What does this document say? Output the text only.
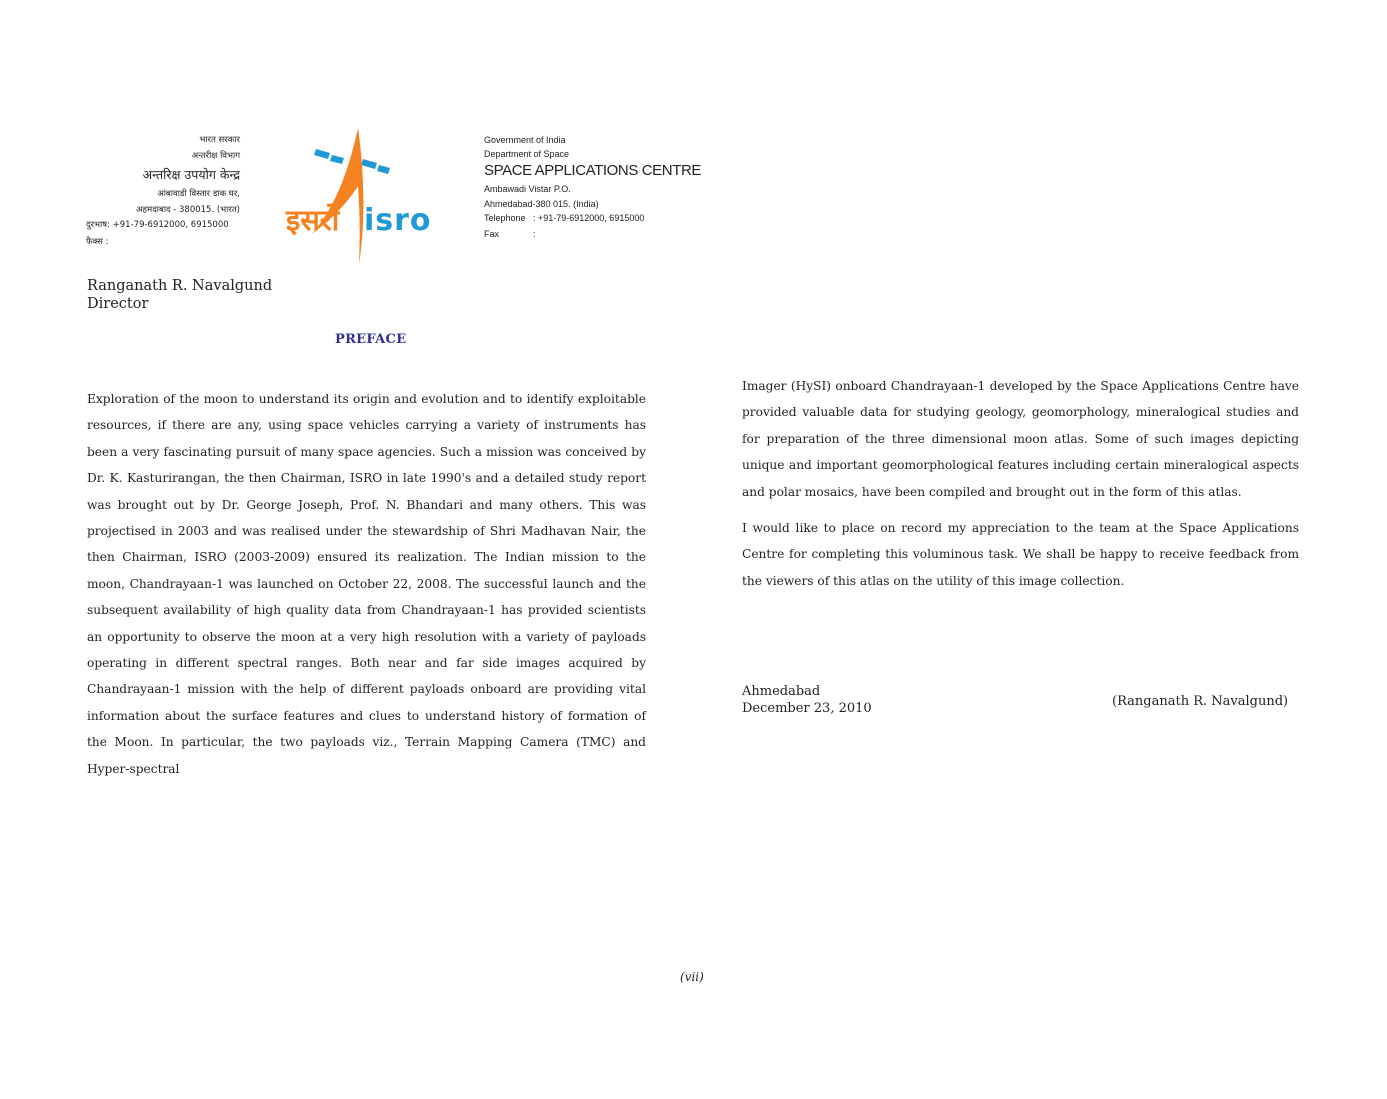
भारत सरकार
अन्तरीक्ष विभाग
अन्तरिक्ष उपयोग केन्द्र
आंबावाडी विस्तार डाक घर,
अहमदाबाद - 380015. (भारत)
दुरभाष: +91-79-6912000, 6915000
फैक्स :
इसरो isro
Government of India
Department of Space
SPACE APPLICATIONS CENTRE
Ambawadi Vistar P.O.
Ahmedabad-380 015. (India)
Telephone : +91-79-6912000, 6915000
Fax	:
Ranganath R. Navalgund
Director
PREFACE

Exploration of the moon to understand its origin and evolution and to identify exploitable resources, if there are any, using space vehicles carrying a variety of instruments has been a very fascinating pursuit of many space agencies. Such a mission was conceived by Dr. K. Kasturirangan, the then Chairman, ISRO in late 1990's and a detailed study report was brought out by Dr. George Joseph, Prof. N. Bhandari and many others. This was projectised in 2003 and was realised under the stewardship of Shri Madhavan Nair, the then Chairman, ISRO (2003-2009) ensured its realization. The Indian mission to the moon, Chandrayaan-1 was launched on October 22, 2008. The successful launch and the subsequent availability of high quality data from Chandrayaan-1 has provided scientists an opportunity to observe the moon at a very high resolution with a variety of payloads operating in different spectral ranges. Both near and far side images acquired by Chandrayaan-1 mission with the help of different payloads onboard are providing vital information about the surface features and clues to understand history of formation of the Moon. In particular, the two payloads viz., Terrain Mapping Camera (TMC) and Hyper-spectral

Imager (HySI) onboard Chandrayaan-1 developed by the Space Applications Centre have provided valuable data for studying geology, geomorphology, mineralogical studies and for preparation of the three dimensional moon atlas. Some of such images depicting unique and important geomorphological features including certain mineralogical aspects and polar mosaics, have been compiled and brought out in the form of this atlas.

I would like to place on record my appreciation to the team at the Space Applications Centre for completing this voluminous task. We shall be happy to receive feedback from the viewers of this atlas on the utility of this image collection.

Ahmedabad
December 23, 2010	(Ranganath R. Navalgund)
(vii)
